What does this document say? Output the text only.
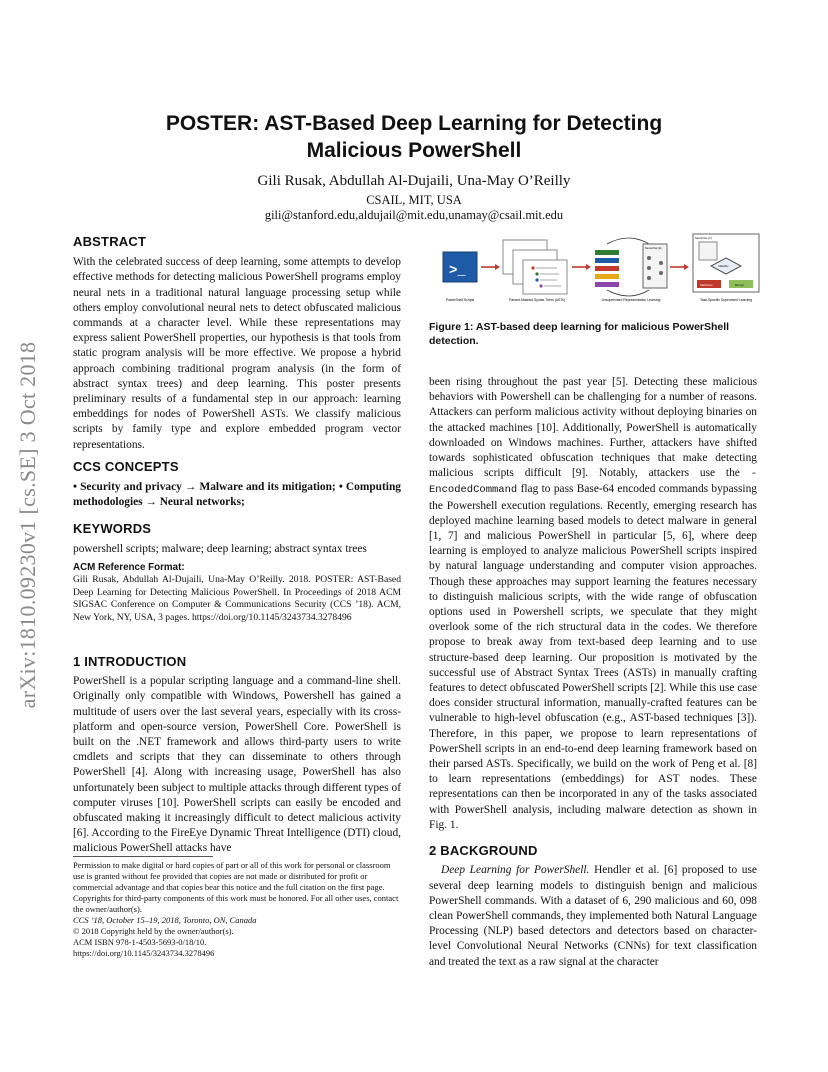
arXiv:1810.09230v1 [cs.SE] 3 Oct 2018
POSTER: AST-Based Deep Learning for Detecting
Malicious PowerShell
Gili Rusak, Abdullah Al-Dujaili, Una-May O’Reilly
CSAIL, MIT, USA
gili@stanford.edu,aldujail@mit.edu,unamay@csail.mit.edu
ABSTRACT

With the celebrated success of deep learning, some attempts to develop effective methods for detecting malicious PowerShell programs employ neural nets in a traditional natural language processing setup while others employ convolutional neural nets to detect obfuscated malicious commands at a character level. While these representations may express salient PowerShell properties, our hypothesis is that tools from static program analysis will be more effective. We propose a hybrid approach combining traditional program analysis (in the form of abstract syntax trees) and deep learning. This poster presents preliminary results of a fundamental step in our approach: learning embeddings for nodes of PowerShell ASTs. We classify malicious scripts by family type and explore embedded program vector representations.

CCS CONCEPTS

• Security and privacy → Malware and its mitigation; • Computing methodologies → Neural networks;

KEYWORDS

powershell scripts; malware; deep learning; abstract syntax trees

ACM Reference Format:

Gili Rusak, Abdullah Al-Dujaili, Una-May O’Reilly. 2018. POSTER: AST-Based Deep Learning for Detecting Malicious PowerShell. In Proceedings of 2018 ACM SIGSAC Conference on Computer & Communications Security (CCS ’18). ACM, New York, NY, USA, 3 pages. https://doi.org/10.1145/3243734.3278496

1 INTRODUCTION

PowerShell is a popular scripting language and a command-line shell. Originally only compatible with Windows, Powershell has gained a multitude of users over the last several years, especially with its cross-platform and open-source version, PowerShell Core. PowerShell is built on the .NET framework and allows third-party users to write cmdlets and scripts that they can disseminate to others through PowerShell [4]. Along with increasing usage, PowerShell has also unfortunately been subject to multiple attacks through different types of computer viruses [10]. PowerShell scripts can easily be encoded and obfuscated making it increasingly difficult to detect malicious activity [6]. According to the FireEye Dynamic Threat Intelligence (DTI) cloud, malicious PowerShell attacks have

Permission to make digital or hard copies of part or all of this work for personal or classroom use is granted without fee provided that copies are not made or distributed for profit or commercial advantage and that copies bear this notice and the full citation on the first page. Copyrights for third-party components of this work must be honored. For all other uses, contact the owner/author(s).

CCS ’18, October 15–19, 2018, Toronto, ON, Canada

© 2018 Copyright held by the owner/author(s).

ACM ISBN 978-1-4503-5693-0/18/10.

https://doi.org/10.1145/3243734.3278496

>_
Neural Net (E)
Neural Net (C)
Classifier
Malicious	Benign
PowerShell Scripts	Parsed Abstract Syntax Trees (ASTs)	Unsupervised Representation Learning	Task-Specific Supervised Learning
Figure 1: AST-based deep learning for malicious PowerShell detection.

been rising throughout the past year [5]. Detecting these malicious behaviors with Powershell can be challenging for a number of reasons. Attackers can perform malicious activity without deploying binaries on the attacked machines [10]. Additionally, PowerShell is automatically downloaded on Windows machines. Further, attackers have shifted towards sophisticated obfuscation techniques that make detecting malicious scripts difficult [9]. Notably, attackers use the -EncodedCommand flag to pass Base-64 encoded commands bypassing the Powershell execution regulations. Recently, emerging research has deployed machine learning based models to detect malware in general [1, 7] and malicious PowerShell in particular [5, 6], where deep learning is employed to analyze malicious PowerShell scripts inspired by natural language understanding and computer vision approaches. Though these approaches may support learning the features necessary to distinguish malicious scripts, with the wide range of obfuscation options used in Powershell scripts, we speculate that they might overlook some of the rich structural data in the codes. We therefore propose to break away from text-based deep learning and to use structure-based deep learning. Our proposition is motivated by the successful use of Abstract Syntax Trees (ASTs) in manually crafting features to detect obfuscated PowerShell scripts [2]. While this use case does consider structural information, manually-crafted features can be vulnerable to high-level obfuscation (e.g., AST-based techniques [3]). Therefore, in this paper, we propose to learn representations of PowerShell scripts in an end-to-end deep learning framework based on their parsed ASTs. Specifically, we build on the work of Peng et al. [8] to learn representations (embeddings) for AST nodes. These representations can then be incorporated in any of the tasks associated with PowerShell analysis, including malware detection as shown in Fig. 1.

2 BACKGROUND

Deep Learning for PowerShell. Hendler et al. [6] proposed to use several deep learning models to distinguish benign and malicious PowerShell commands. With a dataset of 6, 290 malicious and 60, 098 clean PowerShell commands, they implemented both Natural Language Processing (NLP) based detectors and detectors based on character-level Convolutional Neural Networks (CNNs) for text classification and treated the text as a raw signal at the character
